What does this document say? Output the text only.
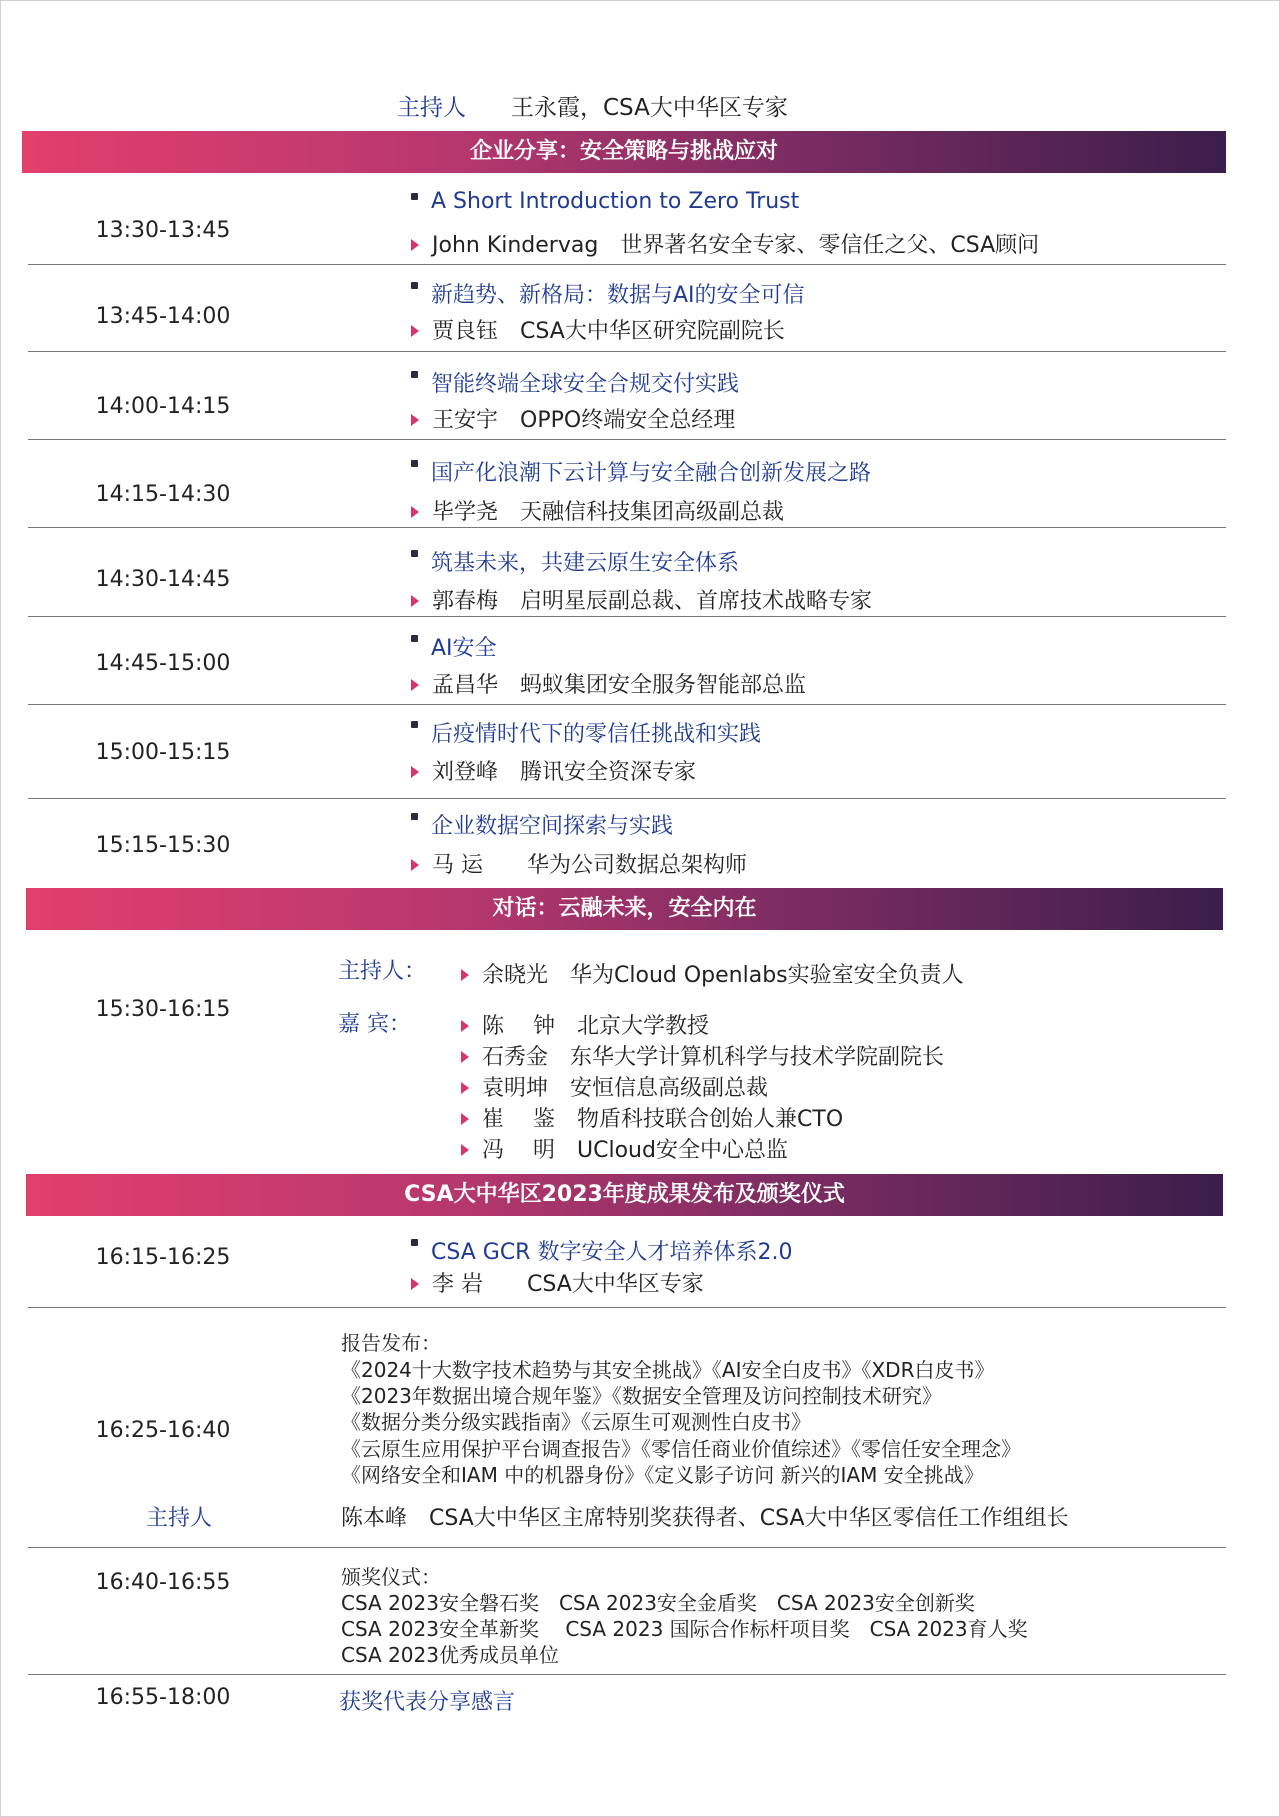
主持人 王永霞，CSA大中华区专家
企业分享：安全策略与挑战应对
13:30-13:45
A Short Introduction to Zero Trust
John Kindervag　 世界著名安全专家、零信任之父、CSA顾问
13:45-14:00
新趋势、新格局：数据与AI的安全可信
贾良钰　 CSA大中华区研究院副院长
14:00-14:15
智能终端全球安全合规交付实践
王安宇　 OPPO终端安全总经理
14:15-14:30
国产化浪潮下云计算与安全融合创新发展之路
毕学尧　 天融信科技集团高级副总裁
14:30-14:45
筑基未来，共建云原生安全体系
郭春梅　 启明星辰副总裁、首席技术战略专家
14:45-15:00
AI安全
孟昌华　 蚂蚁集团安全服务智能部总监
15:00-15:15
后疫情时代下的零信任挑战和实践
刘登峰　 腾讯安全资深专家
15:15-15:30
企业数据空间探索与实践
马 运　　 华为公司数据总架构师
对话：云融未来，安全内在
15:30-16:15
主持人：	余晓光　 华为Cloud Openlabs实验室安全负责人
嘉 宾：	陈　 钟　 北京大学教授
石秀金　 东华大学计算机科学与技术学院副院长
袁明坤　 安恒信息高级副总裁
崔　 鉴　 物盾科技联合创始人兼CTO
冯　 明　 UCloud安全中心总监
CSA大中华区2023年度成果发布及颁奖仪式
16:15-16:25	CSA GCR 数字安全人才培养体系2.0
李 岩　　 CSA大中华区专家
16:25-16:40
报告发布：
《2024十大数字技术趋势与其安全挑战》《AI安全白皮书》《XDR白皮书》
《2023年数据出境合规年鉴》《数据安全管理及访问控制技术研究》
《数据分类分级实践指南》《云原生可观测性白皮书》
《云原生应用保护平台调查报告》《零信任商业价值综述》《零信任安全理念》
《网络安全和IAM 中的机器身份》《定义影子访问 新兴的IAM 安全挑战》
主持人	陈本峰　CSA大中华区主席特别奖获得者、CSA大中华区零信任工作组组长
16:40-16:55	颁奖仪式：
CSA 2023安全磐石奖　CSA 2023安全金盾奖　CSA 2023安全创新奖
CSA 2023安全革新奖　 CSA 2023 国际合作标杆项目奖　CSA 2023育人奖
CSA 2023优秀成员单位
16:55-18:00	获奖代表分享感言
